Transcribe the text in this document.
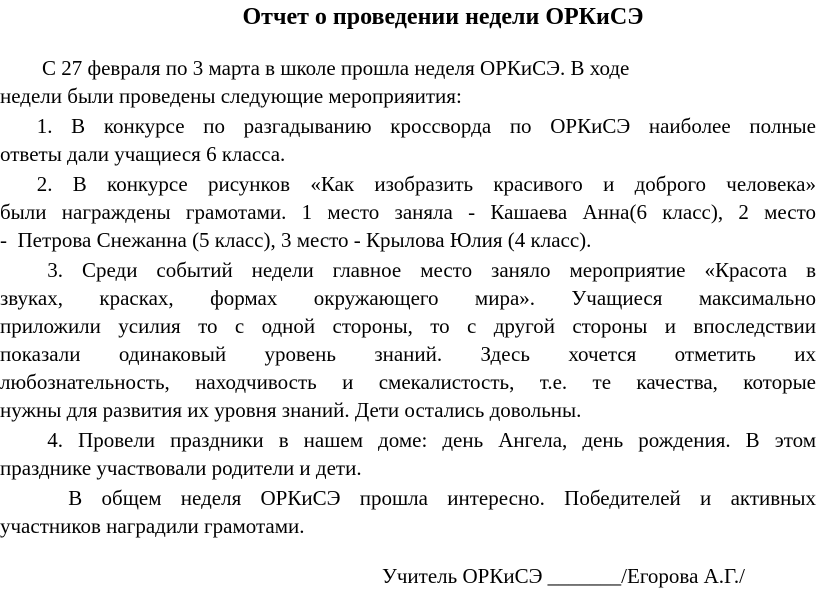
Отчет о проведении недели ОРКиСЭ
С 27 февраля по 3 марта в школе прошла неделя ОРКиСЭ. В ходе
недели были проведены следующие мероприяития:
1. В конкурсе по разгадыванию кроссворда по ОРКиСЭ наиболее полные
ответы дали учащиеся 6 класса.
2. В конкурсе рисунков «Как изобразить красивого и доброго человека»
были награждены грамотами. 1 место заняла - Кашаева Анна(6 класс), 2 место
-  Петрова Снежанна (5 класс), 3 место - Крылова Юлия (4 класс).
3. Среди событий недели главное место заняло мероприятие «Красота в
звуках, красках, формах окружающего мира». Учащиеся максимально
приложили усилия то с одной стороны, то с другой стороны и впоследствии
показали одинаковый уровень знаний. Здесь хочется отметить их
любознательность, находчивость и смекалистость, т.е. те качества, которые
нужны для развития их уровня знаний. Дети остались довольны.
4. Провели праздники в нашем доме: день Ангела, день рождения. В этом
празднике участвовали родители и дети.
В общем неделя ОРКиСЭ прошла интересно. Победителей и активных
участников наградили грамотами.
Учитель ОРКиСЭ _______/Егорова А.Г./
